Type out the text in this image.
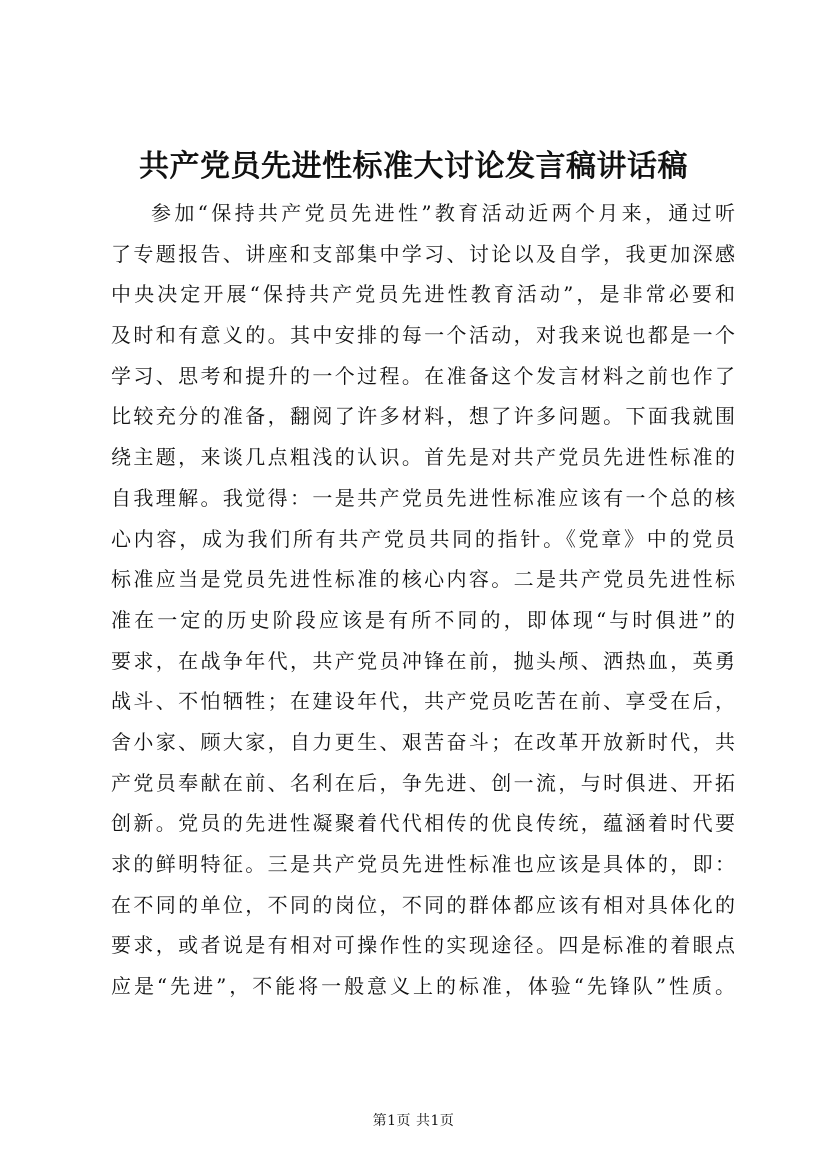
共产党员先进性标准大讨论发言稿讲话稿
参加“保持共产党员先进性”教育活动近两个月来，通过听
了专题报告、讲座和支部集中学习、讨论以及自学，我更加深感
中央决定开展“保持共产党员先进性教育活动”，是非常必要和
及时和有意义的。其中安排的每一个活动，对我来说也都是一个
学习、思考和提升的一个过程。在准备这个发言材料之前也作了
比较充分的准备，翻阅了许多材料，想了许多问题。下面我就围
绕主题，来谈几点粗浅的认识。首先是对共产党员先进性标准的
自我理解。我觉得：一是共产党员先进性标准应该有一个总的核
心内容，成为我们所有共产党员共同的指针。《党章》中的党员
标准应当是党员先进性标准的核心内容。二是共产党员先进性标
准在一定的历史阶段应该是有所不同的，即体现“与时俱进”的
要求，在战争年代，共产党员冲锋在前，抛头颅、洒热血，英勇
战斗、不怕牺牲；在建设年代，共产党员吃苦在前、享受在后，
舍小家、顾大家，自力更生、艰苦奋斗；在改革开放新时代，共
产党员奉献在前、名利在后，争先进、创一流，与时俱进、开拓
创新。党员的先进性凝聚着代代相传的优良传统，蕴涵着时代要
求的鲜明特征。三是共产党员先进性标准也应该是具体的，即：
在不同的单位，不同的岗位，不同的群体都应该有相对具体化的
要求，或者说是有相对可操作性的实现途径。四是标准的着眼点
应是“先进”，不能将一般意义上的标准，体验“先锋队”性质。
第1页 共1页
